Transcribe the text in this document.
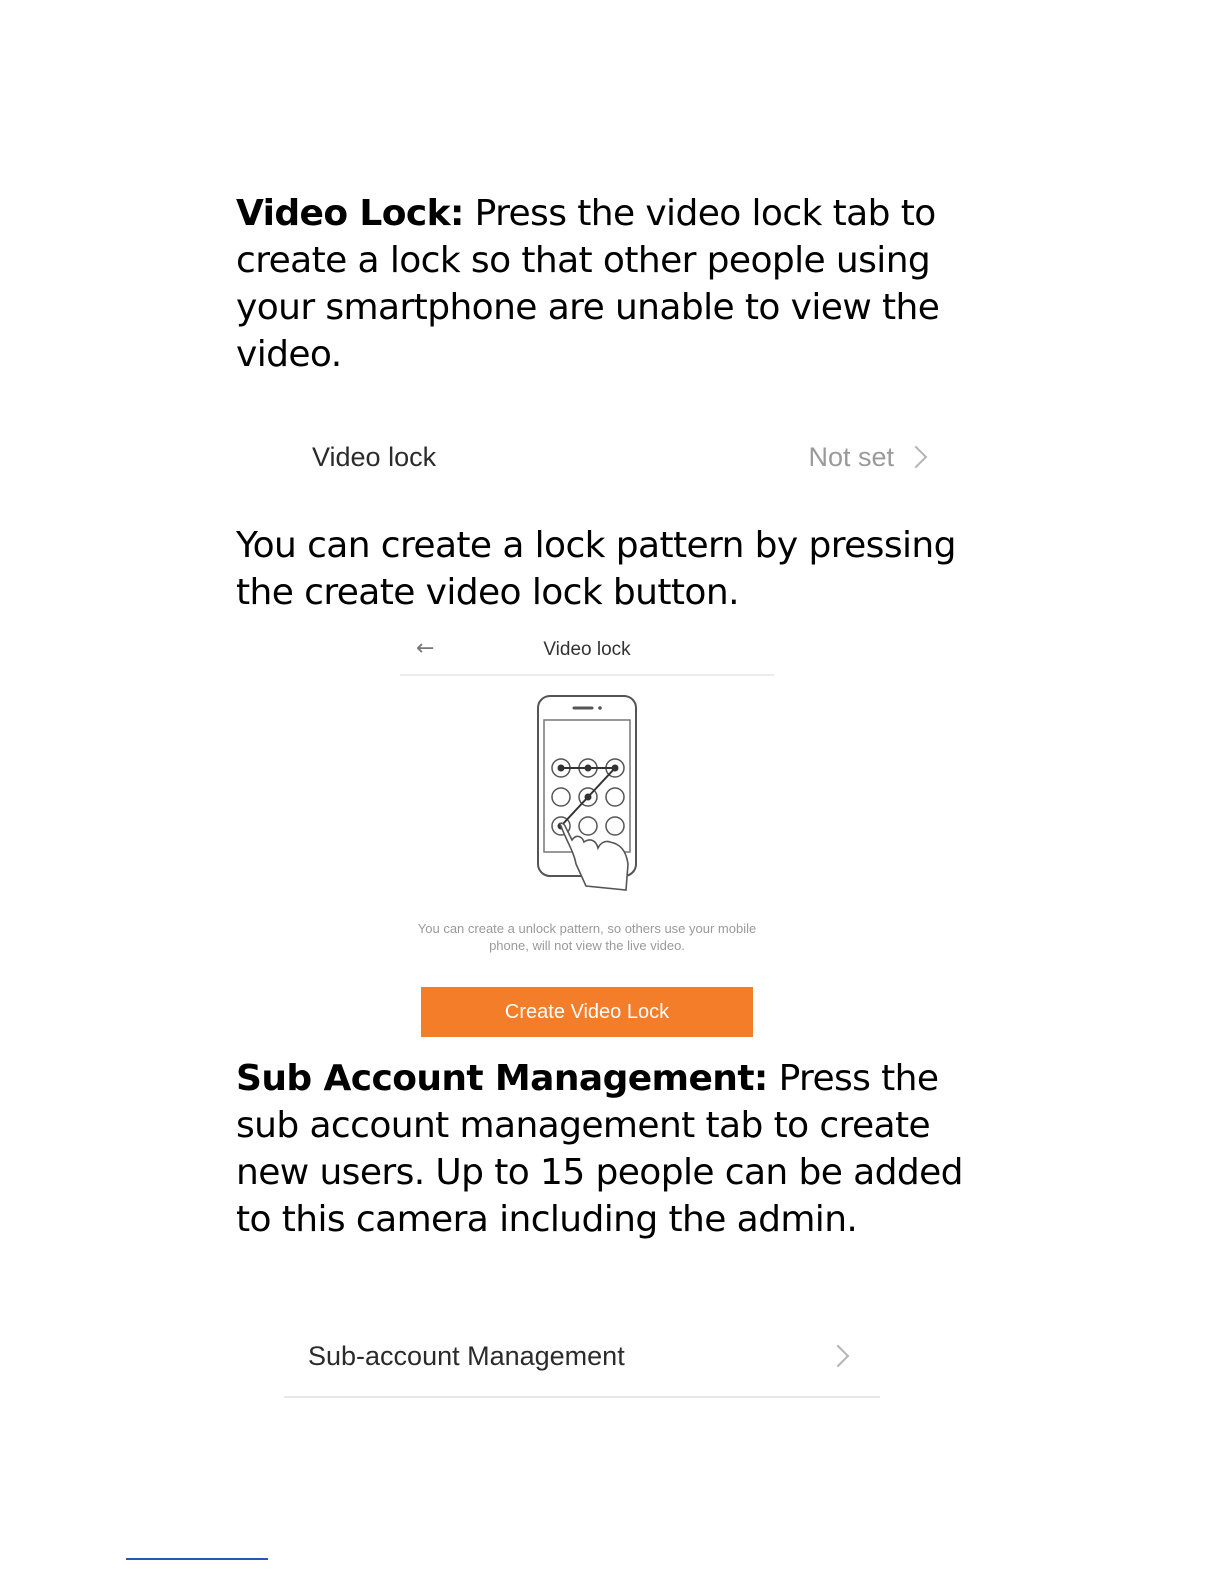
Video Lock: Press the video lock tab to create a lock so that other people using your smartphone are unable to view the video.

Video lock	Not set

You can create a lock pattern by pressing the create video lock button.

←	Video lock
You can create a unlock pattern, so others use your mobile phone, will not view the live video.
Create Video Lock

Sub Account Management: Press the sub account management tab to create new users. Up to 15 people can be added to this camera including the admin.

Sub-account Management
